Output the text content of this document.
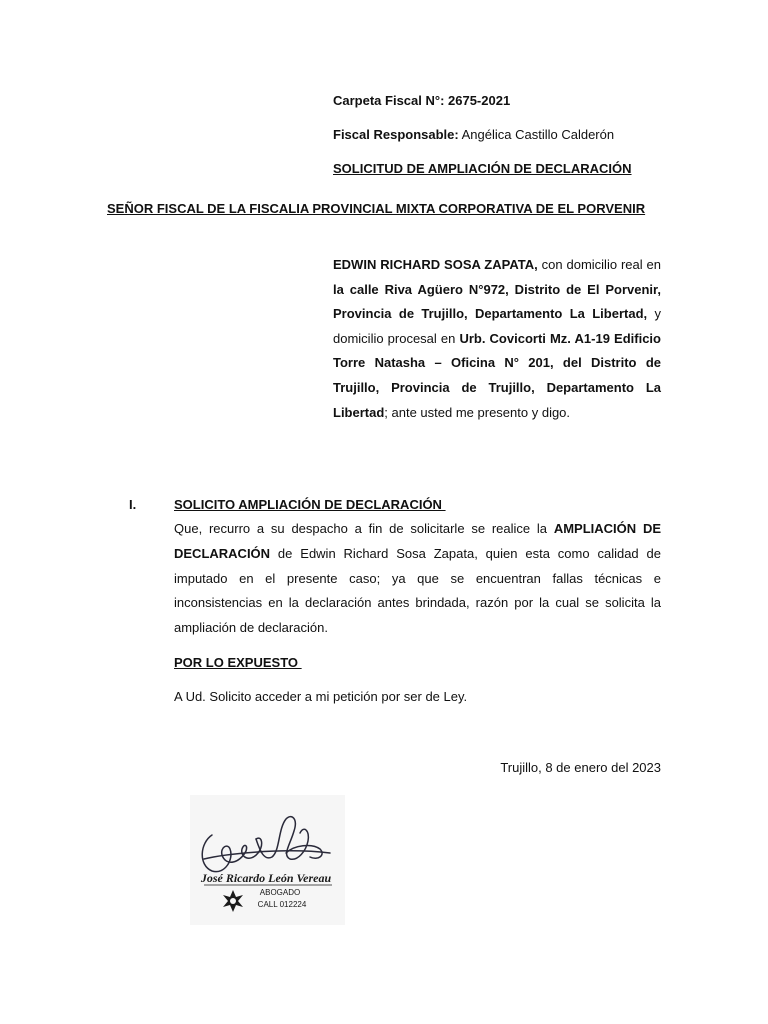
Carpeta Fiscal N°: 2675-2021
Fiscal Responsable: Angélica Castillo Calderón
SOLICITUD DE AMPLIACIÓN DE DECLARACIÓN
SEÑOR FISCAL DE LA FISCALIA PROVINCIAL MIXTA CORPORATIVA DE EL PORVENIR
EDWIN RICHARD SOSA ZAPATA, con domicilio real en la calle Riva Agüero N°972, Distrito de El Porvenir, Provincia de Trujillo, Departamento La Libertad, y domicilio procesal en Urb. Covicorti Mz. A1-19 Edificio Torre Natasha – Oficina N° 201, del Distrito de Trujillo, Provincia de Trujillo, Departamento La Libertad; ante usted me presento y digo.
I.	SOLICITO AMPLIACIÓN DE DECLARACIÓN
Que, recurro a su despacho a fin de solicitarle se realice la AMPLIACIÓN DE DECLARACIÓN de Edwin Richard Sosa Zapata, quien esta como calidad de imputado en el presente caso; ya que se encuentran fallas técnicas e inconsistencias en la declaración antes brindada, razón por la cual se solicita la ampliación de declaración.
POR LO EXPUESTO
A Ud. Solicito acceder a mi petición por ser de Ley.
Trujillo, 8 de enero del 2023
José Ricardo León Vereau
ABOGADO
CALL 012224
